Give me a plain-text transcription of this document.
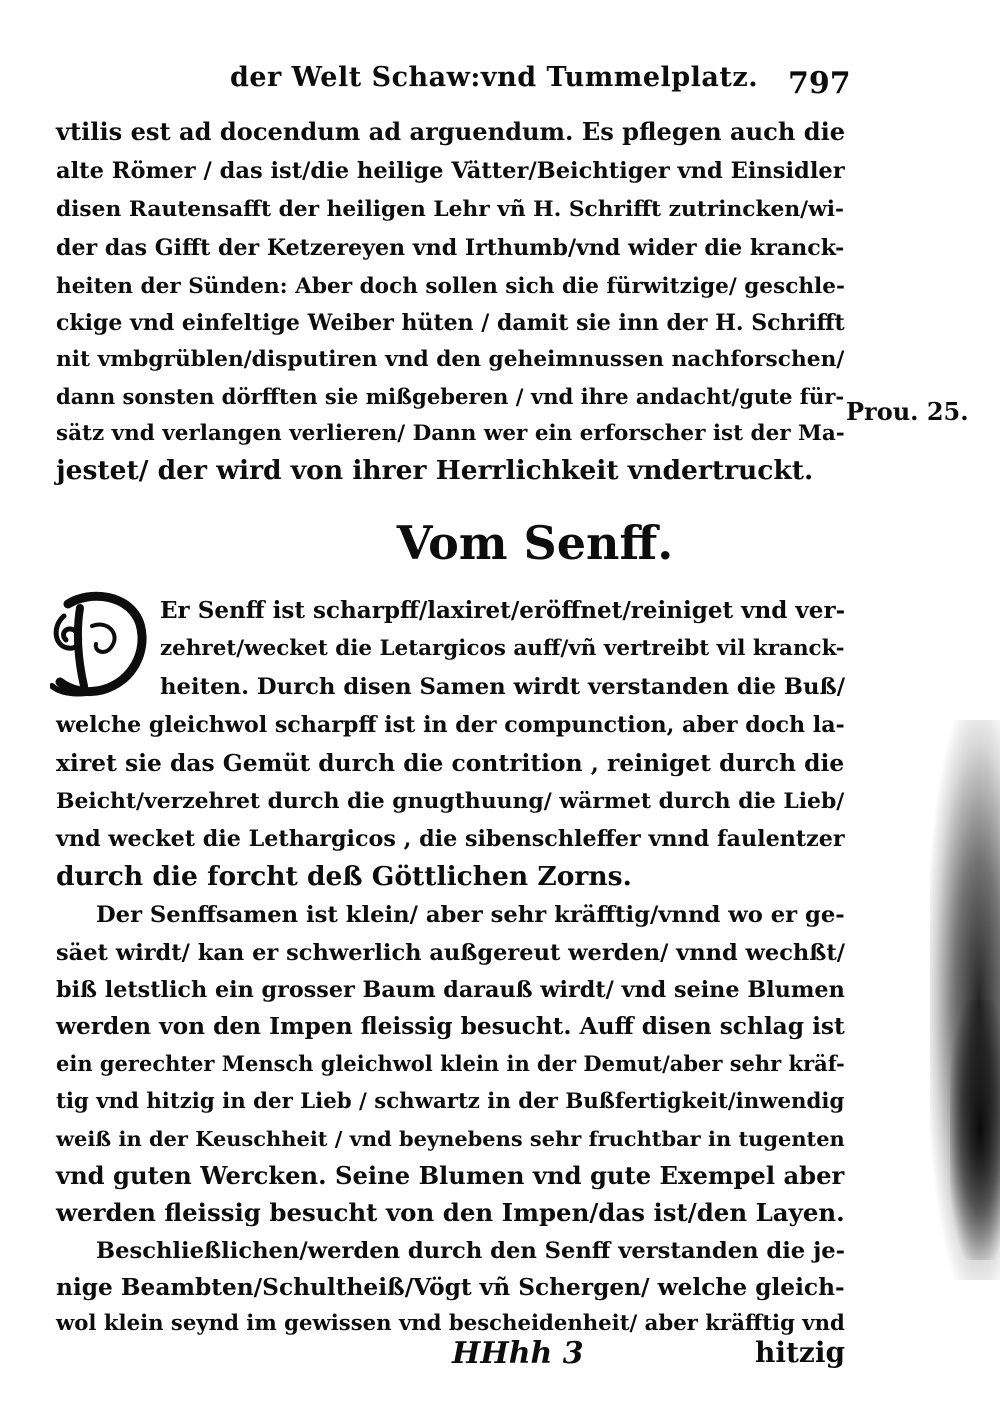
der Welt Schaw:vnd Tummelplatz. 797
vtilis est ad docendum ad arguendum. Es pflegen auch die
alte Römer / das ist/die heilige Vätter/Beichtiger vnd Einsidler
disen Rautensafft der heiligen Lehr vñ H. Schrifft zutrincken/wi-
der das Gifft der Ketzereyen vnd Irthumb/vnd wider die kranck-
heiten der Sünden: Aber doch sollen sich die fürwitzige/ geschle-
ckige vnd einfeltige Weiber hüten / damit sie inn der H. Schrifft
nit vmbgrüblen/disputiren vnd den geheimnussen nachforschen/
dann sonsten dörfften sie mißgeberen / vnd ihre andacht/gute für-
sätz vnd verlangen verlieren/ Dann wer ein erforscher ist der Ma-
jestet/ der wird von ihrer Herrlichkeit vndertruckt.
Prou. 25.
Vom Senff.
D
Er Senff ist scharpff/laxiret/eröffnet/reiniget vnd ver-
zehret/wecket die Letargicos auff/vñ vertreibt vil kranck-
heiten. Durch disen Samen wirdt verstanden die Buß/
welche gleichwol scharpff ist in der compunction, aber doch la-
xiret sie das Gemüt durch die contrition , reiniget durch die
Beicht/verzehret durch die gnugthuung/ wärmet durch die Lieb/
vnd wecket die Lethargicos , die sibenschleffer vnnd faulentzer
durch die forcht deß Göttlichen Zorns.
Der Senffsamen ist klein/ aber sehr kräfftig/vnnd wo er ge-
säet wirdt/ kan er schwerlich außgereut werden/ vnnd wechßt/
biß letstlich ein grosser Baum darauß wirdt/ vnd seine Blumen
werden von den Impen fleissig besucht. Auff disen schlag ist
ein gerechter Mensch gleichwol klein in der Demut/aber sehr kräf-
tig vnd hitzig in der Lieb / schwartz in der Bußfertigkeit/inwendig
weiß in der Keuschheit / vnd beynebens sehr fruchtbar in tugenten
vnd guten Wercken. Seine Blumen vnd gute Exempel aber
werden fleissig besucht von den Impen/das ist/den Layen.
Beschließlichen/werden durch den Senff verstanden die je-
nige Beambten/Schultheiß/Vögt vñ Schergen/ welche gleich-
wol klein seynd im gewissen vnd bescheidenheit/ aber kräfftig vnd
HHhh 3	hitzig
